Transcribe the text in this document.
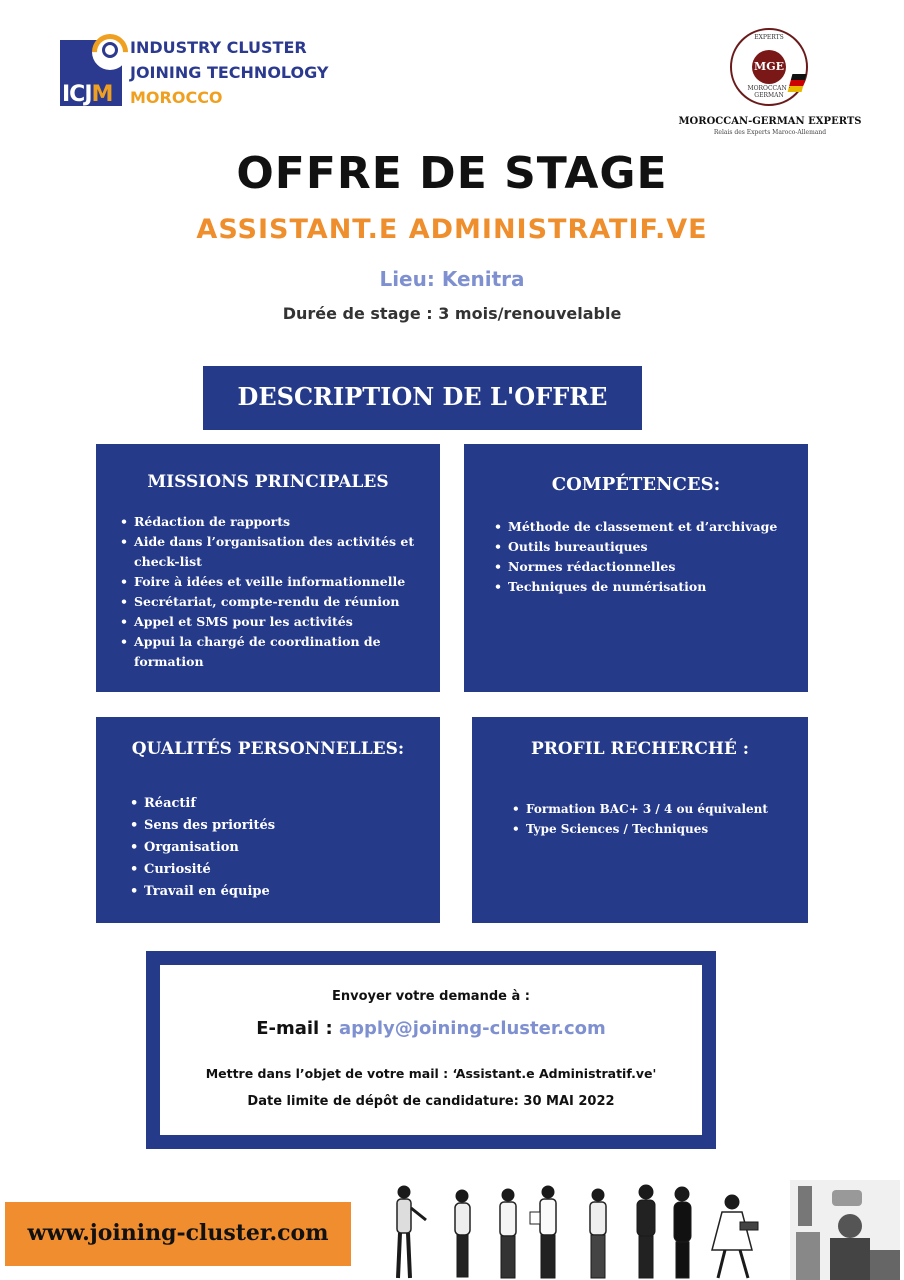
ICJM
INDUSTRY CLUSTER
JOINING TECHNOLOGY
MOROCCO
EXPERTS
MGE
MOROCCAN · GERMAN
MOROCCAN-GERMAN EXPERTS
Relais des Experts Maroco-Allemand
OFFRE DE STAGE
ASSISTANT.E ADMINISTRATIF.VE
Lieu: Kenitra
Durée de stage : 3 mois/renouvelable
DESCRIPTION DE L'OFFRE
MISSIONS PRINCIPALES
• Rédaction de rapports
• Aide dans l’organisation des activités et check-list
• Foire à idées et veille informationnelle
• Secrétariat, compte-rendu de réunion
• Appel et SMS pour les activités
• Appui la chargé de coordination de formation
COMPÉTENCES:
• Méthode de classement et d’archivage
• Outils bureautiques
• Normes rédactionnelles
• Techniques de numérisation
QUALITÉS PERSONNELLES:
• Réactif
• Sens des priorités
• Organisation
• Curiosité
• Travail en équipe
PROFIL RECHERCHÉ :
• Formation BAC+ 3 / 4 ou équivalent
• Type Sciences / Techniques
Envoyer votre demande à :
E-mail : apply@joining-cluster.com
Mettre dans l’objet de votre mail : ‘Assistant.e Administratif.ve'
Date limite de dépôt de candidature: 30 MAI 2022
www.joining-cluster.com
